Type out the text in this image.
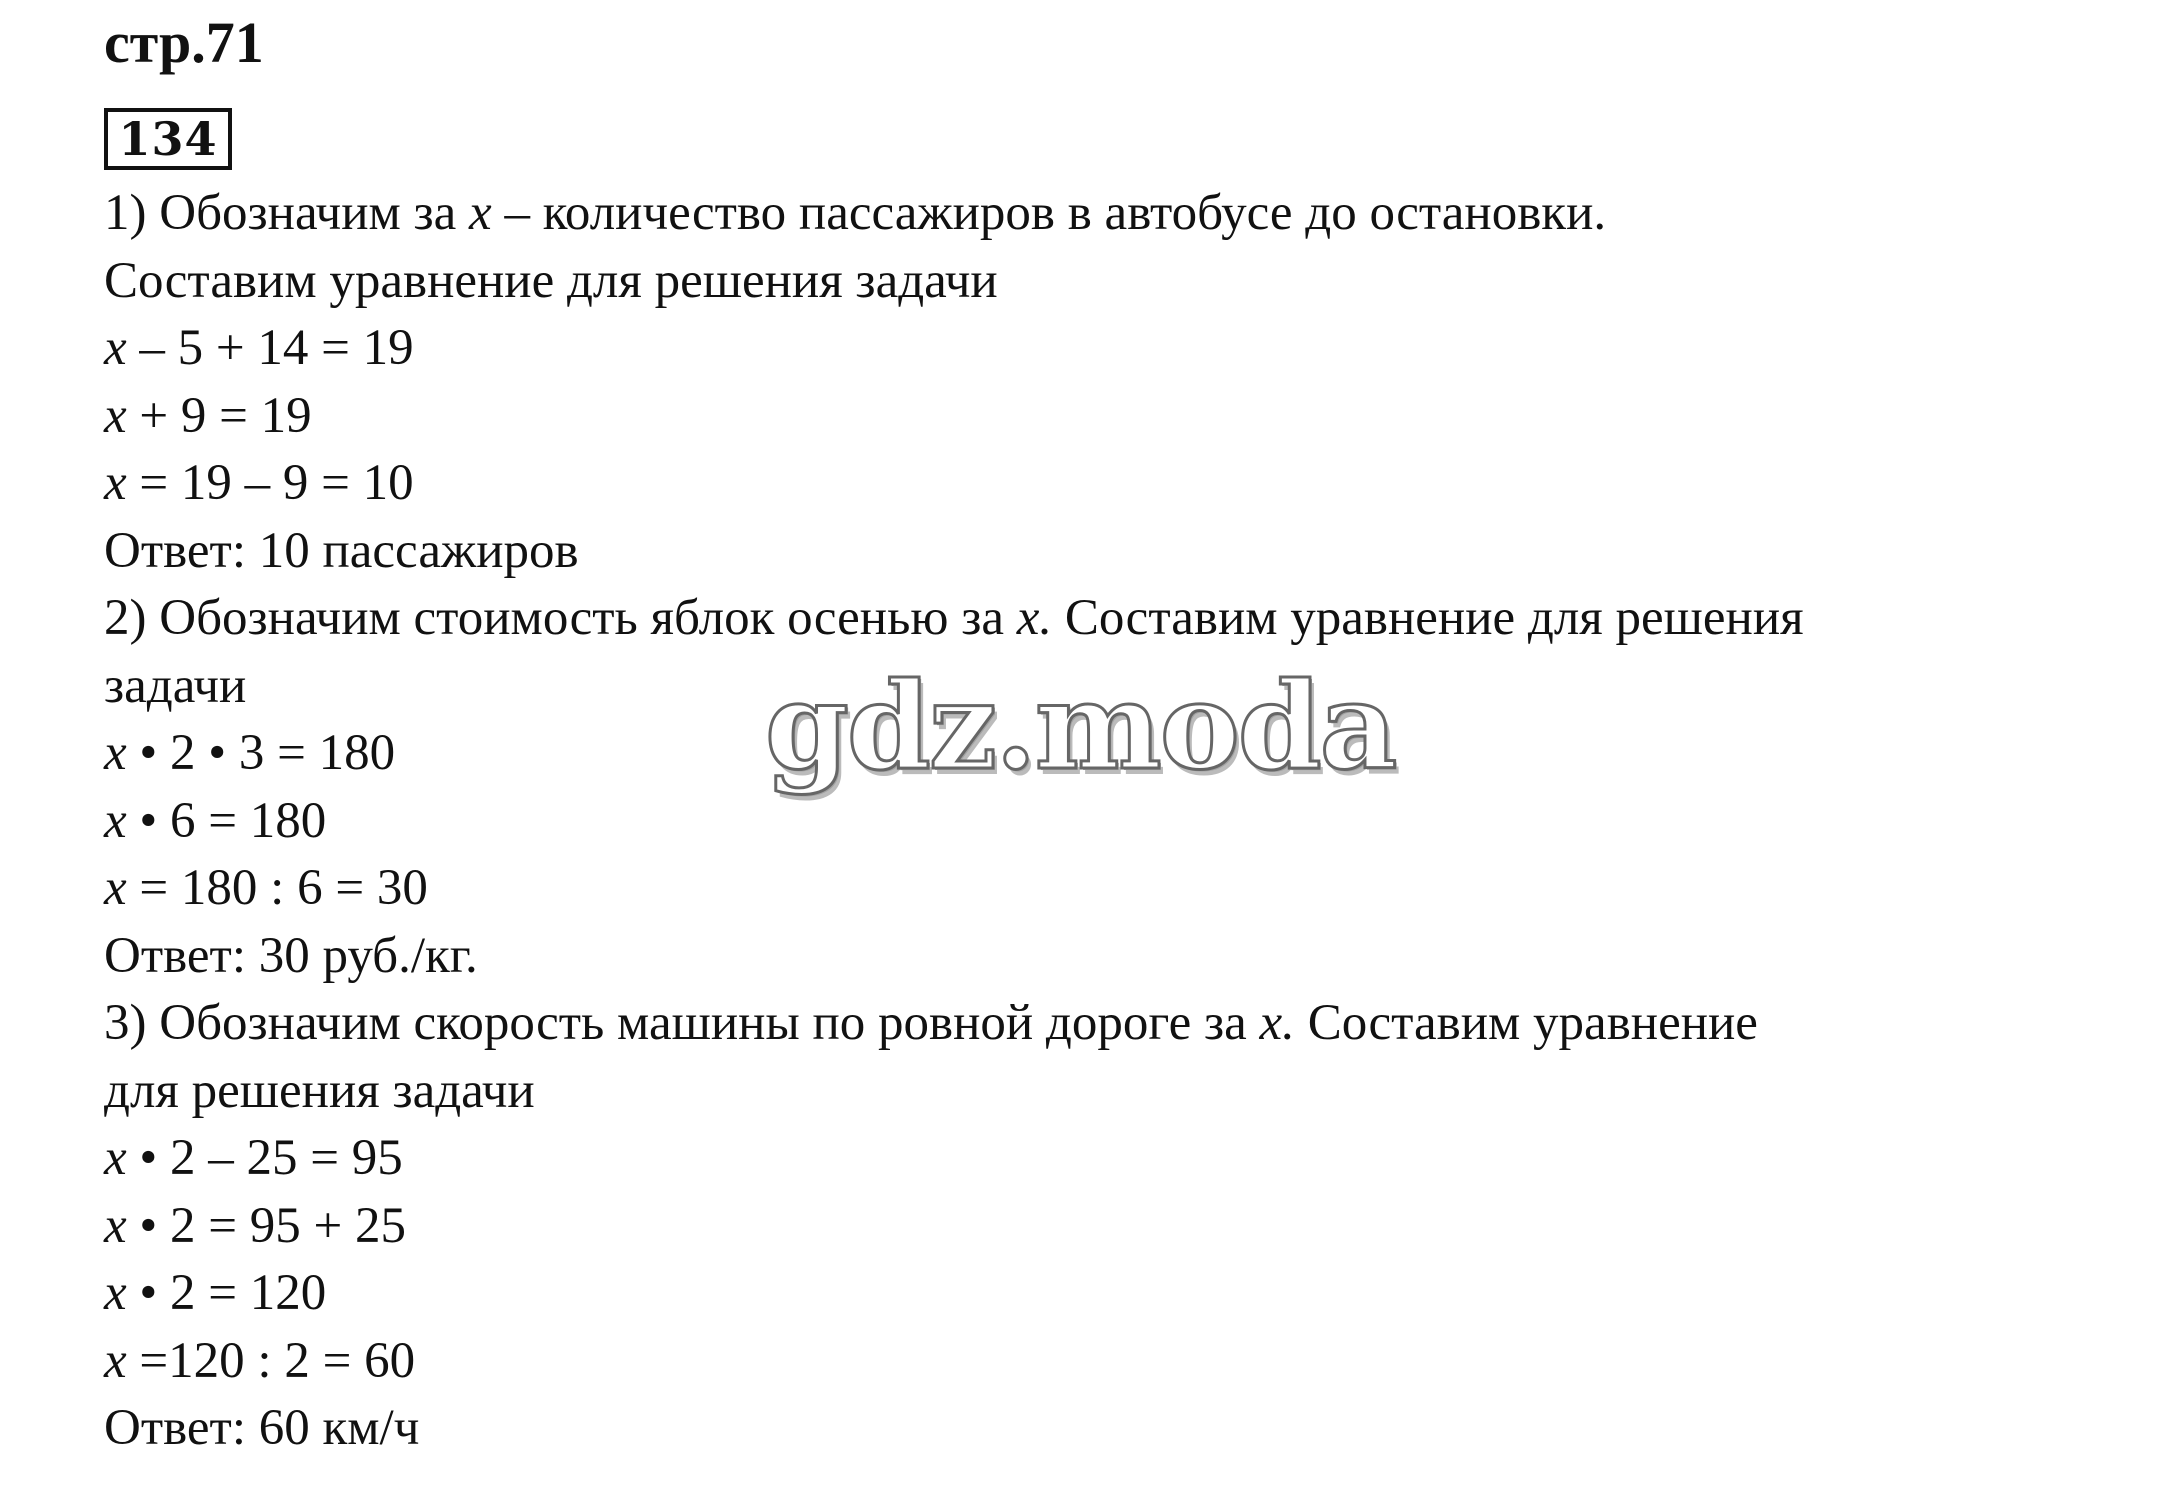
стр.71
134
1) Обозначим за x – количество пассажиров в автобусе до остановки.
Составим уравнение для решения задачи
x – 5 + 14 = 19
x + 9 = 19
x = 19 – 9 = 10
Ответ: 10 пассажиров
2) Обозначим стоимость яблок осенью за x. Составим уравнение для решения
задачи
x • 2 • 3 = 180
x • 6 = 180
x = 180 : 6 = 30
Ответ: 30 руб./кг.
3) Обозначим скорость машины по ровной дороге за x. Составим уравнение
для решения задачи
x • 2 – 25 = 95
x • 2 = 95 + 25
x • 2 = 120
x =120 : 2 = 60
Ответ: 60 км/ч
gdz.moda
